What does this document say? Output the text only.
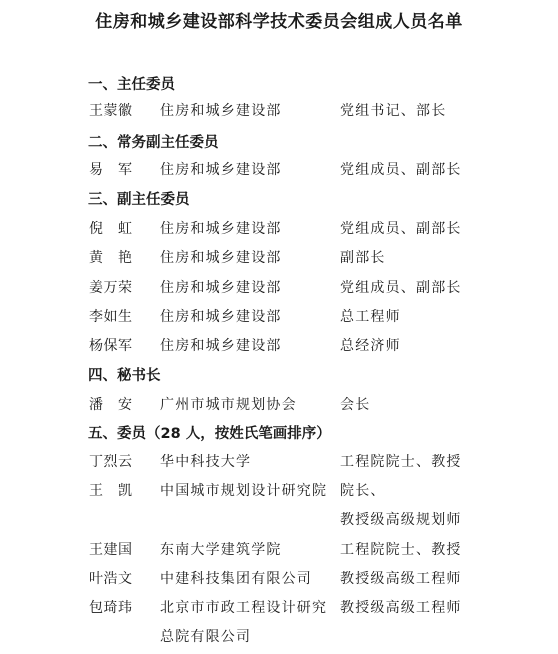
住房和城乡建设部科学技术委员会组成人员名单
一、主任委员
王蒙徽 住房和城乡建设部	党组书记、部长
二、常务副主任委员
易　军 住房和城乡建设部	党组成员、副部长
三、副主任委员
倪　虹 住房和城乡建设部	党组成员、副部长
黄　艳 住房和城乡建设部	副部长
姜万荣 住房和城乡建设部	党组成员、副部长
李如生 住房和城乡建设部	总工程师
杨保军 住房和城乡建设部	总经济师
四、秘书长
潘　安 广州市城市规划协会	会长
五、委员（28 人，按姓氏笔画排序）
丁烈云 华中科技大学	工程院院士、教授
王　凯 中国城市规划设计研究院 院长、
教授级高级规划师
王建国 东南大学建筑学院	工程院院士、教授
叶浩文 中建科技集团有限公司 教授级高级工程师
包琦玮 北京市市政工程设计研究 教授级高级工程师
总院有限公司
